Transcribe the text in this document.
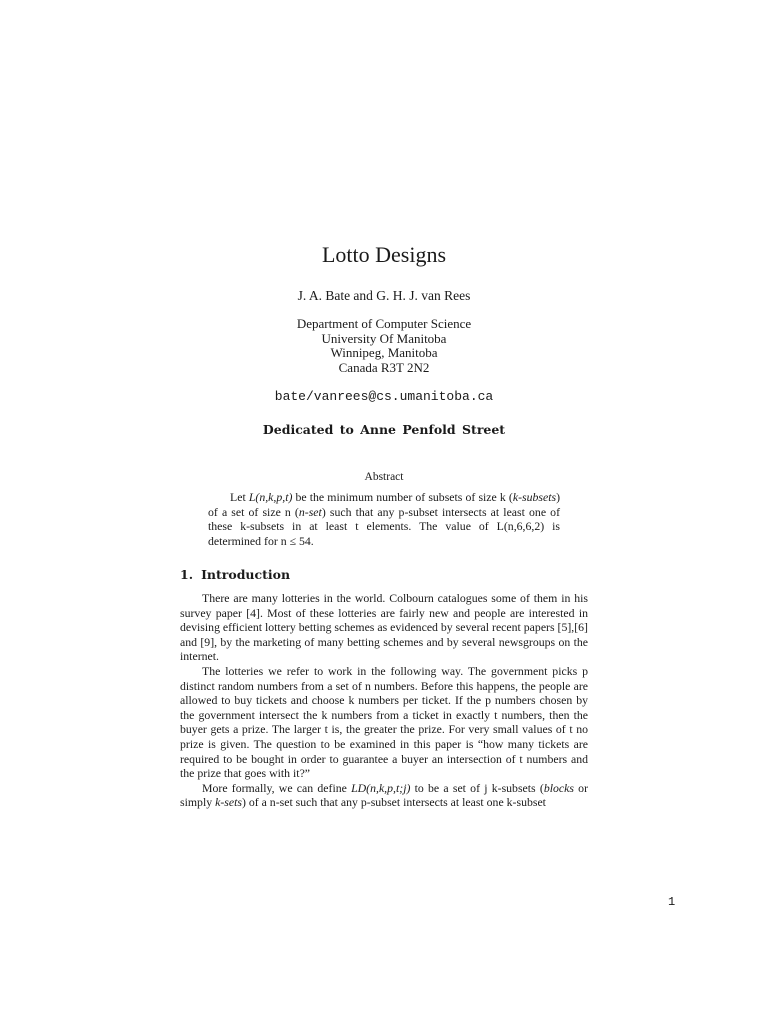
Lotto Designs
J. A. Bate and G. H. J. van Rees
Department of Computer Science
University Of Manitoba
Winnipeg, Manitoba
Canada R3T 2N2
bate/vanrees@cs.umanitoba.ca
Dedicated to Anne Penfold Street
Abstract

Let L(n,k,p,t) be the minimum number of subsets of size k (k-subsets) of a set of size n (n-set) such that any p-subset intersects at least one of these k-subsets in at least t elements. The value of L(n,6,6,2) is determined for n ≤ 54.

1. Introduction

There are many lotteries in the world. Colbourn catalogues some of them in his survey paper [4]. Most of these lotteries are fairly new and people are interested in devising efficient lottery betting schemes as evidenced by several recent papers [5],[6] and [9], by the marketing of many betting schemes and by several newsgroups on the internet.

The lotteries we refer to work in the following way. The government picks p distinct random numbers from a set of n numbers. Before this happens, the people are allowed to buy tickets and choose k numbers per ticket. If the p numbers chosen by the government intersect the k numbers from a ticket in exactly t numbers, then the buyer gets a prize. The larger t is, the greater the prize. For very small values of t no prize is given. The question to be examined in this paper is “how many tickets are required to be bought in order to guarantee a buyer an intersection of t numbers and the prize that goes with it?”

More formally, we can define LD(n,k,p,t;j) to be a set of j k-subsets (blocks or simply k-sets) of a n-set such that any p-subset intersects at least one k-subset

1
